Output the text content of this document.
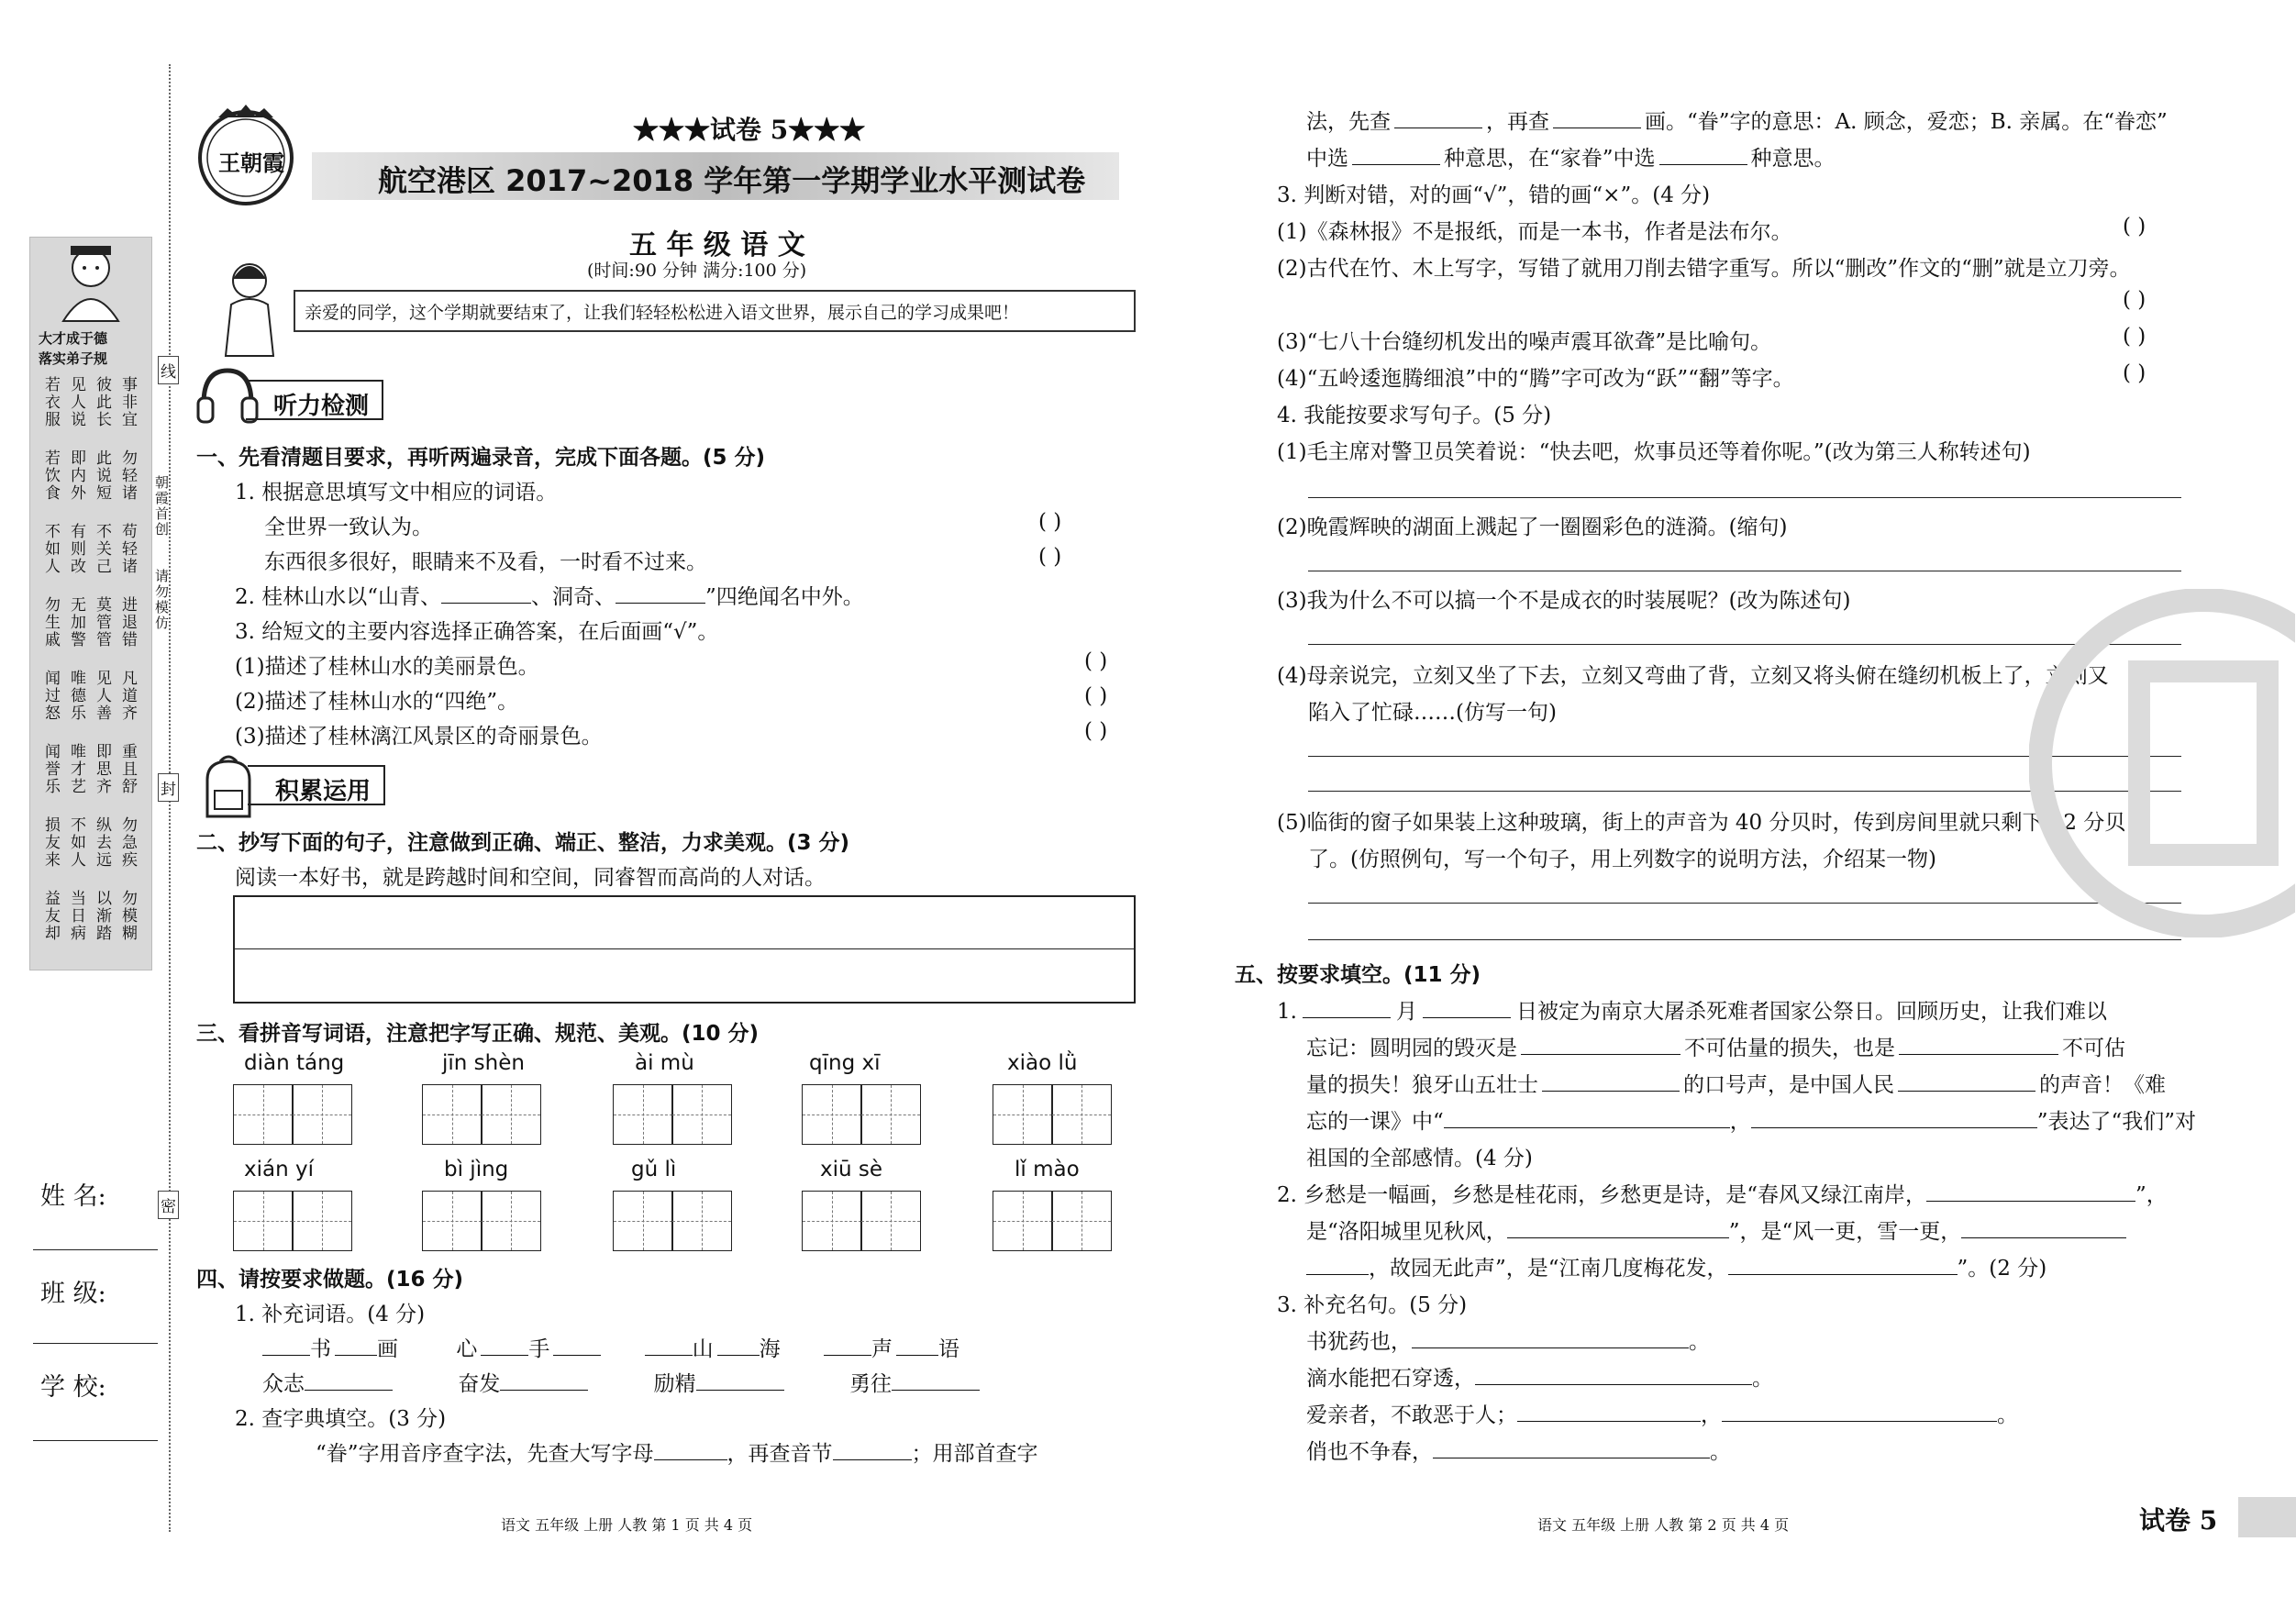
大才成于德
落实弟子规
若衣服 见人说 彼此长 事非宜
若饮食 即内外 此说短 勿轻诸
不如人 有则改 不关己 苟轻诸
勿生戚 无加警 莫管管 进退错
闻过怒 唯德乐 见人善 凡道齐
闻誉乐 唯才艺 即思齐 重且舒
损友来 不如人 纵去远 勿急疾
益友却 当日病 以渐踏 勿模糊
线
封
密
朝霞首创
请勿模仿
姓 名:
班 级:
学 校:
王朝霞
★★★试卷 5★★★
航空港区 2017~2018 学年第一学期学业水平测试卷
五 年 级 语 文
(时间:90 分钟 满分:100 分)
亲爱的同学，这个学期就要结束了，让我们轻轻松松进入语文世界，展示自己的学习成果吧！
听力检测
一、先看清题目要求，再听两遍录音，完成下面各题。(5 分)
1. 根据意思填写文中相应的词语。
全世界一致认为。	( )
东西很多很好，眼睛来不及看，一时看不过来。	( )
2. 桂林山水以“山青、	、洞奇、	”四绝闻名中外。
3. 给短文的主要内容选择正确答案，在后面画“√”。
(1)描述了桂林山水的美丽景色。	( )
(2)描述了桂林山水的“四绝”。	( )
(3)描述了桂林漓江风景区的奇丽景色。	( )
积累运用
二、抄写下面的句子，注意做到正确、端正、整洁，力求美观。(3 分)
阅读一本好书，就是跨越时间和空间，同睿智而高尚的人对话。
三、看拼音写词语，注意把字写正确、规范、美观。(10 分)
diàn táng	jīn shèn	ài mù	qīng xī	xiào lǜ
xián yí	bì jìng	gǔ lì	xiū sè	lǐ mào
四、请按要求做题。(16 分)
1. 补充词语。(4 分)
书 画	心 手	山 海	声 语
众志	奋发	励精	勇往
2. 查字典填空。(3 分)
“眷”字用音序查字法，先查大写字母	，再查音节	；用部首查字
语文 五年级 上册 人教 第 1 页 共 4 页
法，先查	，再查	画。“眷”字的意思：A. 顾念，爱恋；B. 亲属。在“眷恋”
中选	种意思，在“家眷”中选	种意思。
3. 判断对错，对的画“√”，错的画“×”。(4 分)
(1)《森林报》不是报纸，而是一本书，作者是法布尔。	( )
(2)古代在竹、木上写字，写错了就用刀削去错字重写。所以“删改”作文的“删”就是立刀旁。
( )
(3)“七八十台缝纫机发出的噪声震耳欲聋”是比喻句。	( )
(4)“五岭逶迤腾细浪”中的“腾”字可改为“跃”“翻”等字。	( )
4. 我能按要求写句子。(5 分)
(1)毛主席对警卫员笑着说：“快去吧，炊事员还等着你呢。”(改为第三人称转述句)
(2)晚霞辉映的湖面上溅起了一圈圈彩色的涟漪。(缩句)
(3)我为什么不可以搞一个不是成衣的时装展呢？(改为陈述句)
(4)母亲说完，立刻又坐了下去，立刻又弯曲了背，立刻又将头俯在缝纫机板上了，立刻又
陷入了忙碌……(仿写一句)
(5)临街的窗子如果装上这种玻璃，街上的声音为 40 分贝时，传到房间里就只剩下 12 分贝
了。(仿照例句，写一个句子，用上列数字的说明方法，介绍某一物)
五、按要求填空。(11 分)
1.	月	日被定为南京大屠杀死难者国家公祭日。回顾历史，让我们难以
忘记：圆明园的毁灭是	不可估量的损失，也是	不可估
量的损失！狼牙山五壮士	的口号声，是中国人民	的声音！《难
忘的一课》中“	，	”表达了“我们”对
祖国的全部感情。(4 分)
2. 乡愁是一幅画，乡愁是桂花雨，乡愁更是诗，是“春风又绿江南岸，	”，
是“洛阳城里见秋风，	”，是“风一更，雪一更，
，故园无此声”，是“江南几度梅花发，	”。(2 分)
3. 补充名句。(5 分)
书犹药也，	。
滴水能把石穿透，	。
爱亲者，不敢恶于人；	，	。
俏也不争春，	。
语文 五年级 上册 人教 第 2 页 共 4 页	试卷 5
